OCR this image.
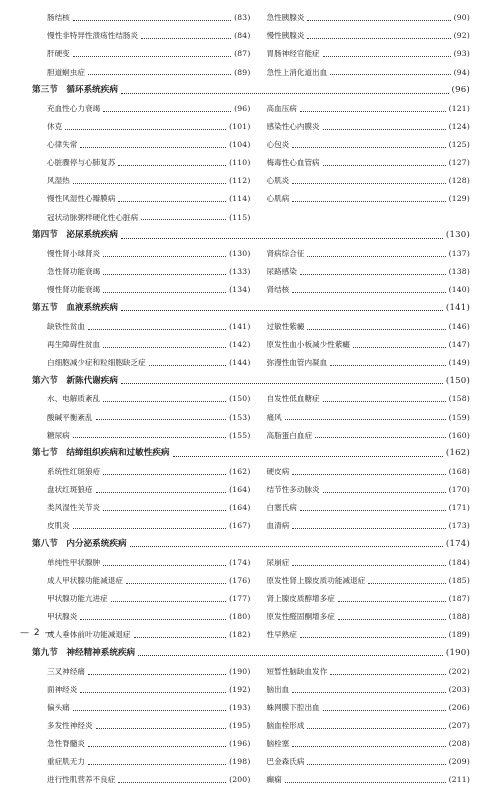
肠结核	(83) 急性胰腺炎	(90)
慢性非特异性溃疡性结肠炎	(84) 慢性胰腺炎	(92)
肝硬变	(87) 胃肠神经官能症	(93)
胆道蛔虫症	(89) 急性上消化道出血	(94)
第三节　循环系统疾病	(96)
充血性心力衰竭	(96) 高血压病	(121)
休克	(101) 感染性心内膜炎	(124)
心律失常	(104) 心包炎	(125)
心脏骤停与心肺复苏	(110) 梅毒性心血管病	(127)
风湿热	(112) 心肌炎	(128)
慢性风湿性心瓣膜病	(114) 心肌病	(129)
冠状动脉粥样硬化性心脏病	(115)
第四节　泌尿系统疾病	(130)
慢性肾小球肾炎	(130) 肾病综合征	(137)
急性肾功能衰竭	(133) 尿路感染	(138)
慢性肾功能衰竭	(134) 肾结核	(140)
第五节　血液系统疾病	(141)
缺铁性贫血	(141) 过敏性紫癜	(146)
再生障碍性贫血	(142) 原发性血小板减少性紫癜	(147)
白细胞减少症和粒细胞缺乏症	(144) 弥漫性血管内凝血	(149)
第六节　新陈代谢疾病	(150)
水、电解质紊乱	(150) 自发性低血糖症	(158)
酸碱平衡紊乱	(153) 痛风	(159)
糖尿病	(155) 高脂蛋白血症	(160)
第七节　结缔组织疾病和过敏性疾病	(162)
系统性红斑狼疮	(162) 硬皮病	(168)
盘状红斑狼疮	(164) 结节性多动脉炎	(170)
类风湿性关节炎	(164) 白塞氏病	(171)
皮肌炎	(167) 血清病	(173)
第八节　内分泌系统疾病	(174)
单纯性甲状腺肿	(174) 尿崩症	(184)
成人甲状腺功能减退症	(176) 原发性肾上腺皮质功能减退症	(185)
甲状腺功能亢进症	(177) 肾上腺皮质醇增多症	(187)
甲状腺炎	(180) 原发性醛固酮增多症	(188)
成人垂体前叶功能减退症	(182) 性早熟症	(189)
第九节　神经精神系统疾病	(190)
三叉神经痛	(190) 短暂性脑缺血发作	(202)
面神经炎	(192) 脑出血	(203)
偏头痛	(193) 蛛网膜下腔出血	(206)
多发性神经炎	(195) 脑血栓形成	(207)
急性脊髓炎	(196) 脑栓塞	(208)
重症肌无力	(198) 巴金森氏病	(209)
进行性肌营养不良症	(200) 癫痫	(211)
— 2 —
